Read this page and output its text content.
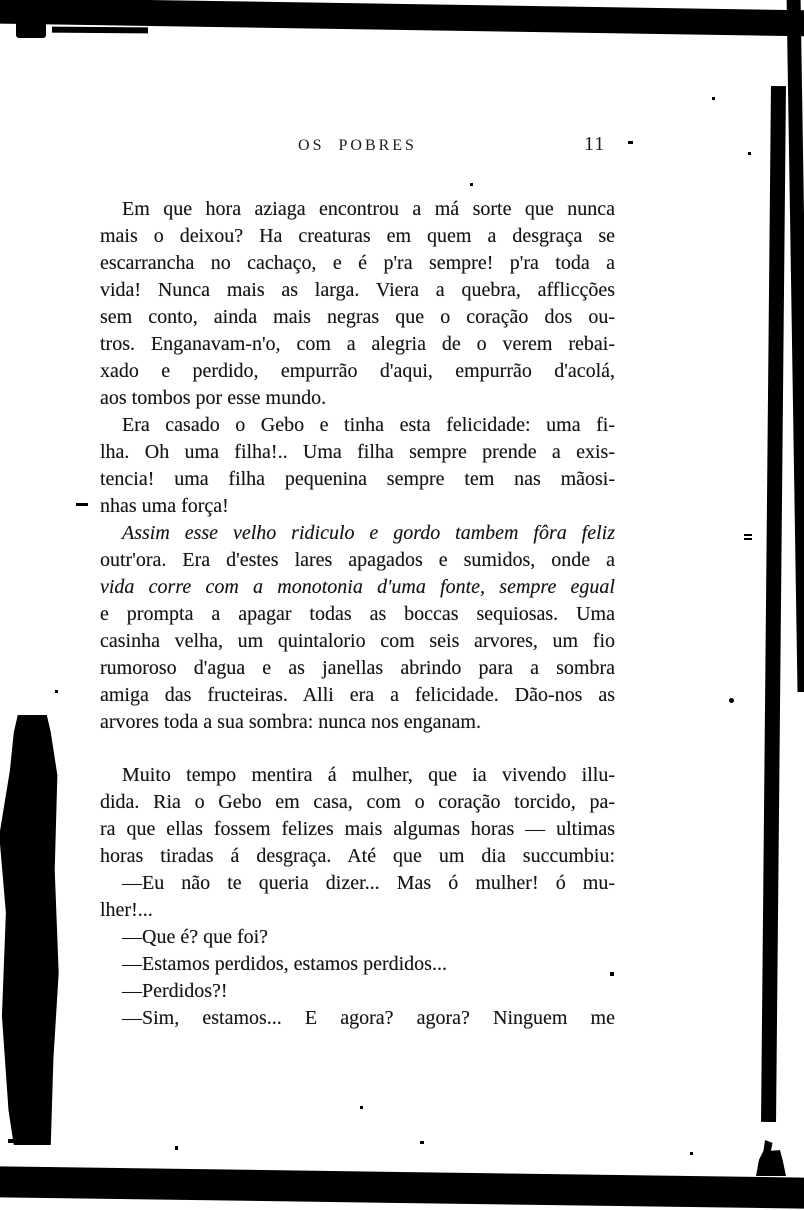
OS POBRES	11
Em que hora aziaga encontrou a má sorte que nunca
mais o deixou? Ha creaturas em quem a desgraça se
escarrancha no cachaço, e é p'ra sempre! p'ra toda a
vida! Nunca mais as larga. Viera a quebra, afflicções
sem conto, ainda mais negras que o coração dos ou-
tros. Enganavam-n'o, com a alegria de o verem rebai-
xado e perdido, empurrão d'aqui, empurrão d'acolá,
aos tombos por esse mundo.
Era casado o Gebo e tinha esta felicidade: uma fi-
lha. Oh uma filha!.. Uma filha sempre prende a exis-
tencia! uma filha pequenina sempre tem nas mãosi-
nhas uma força!
Assim esse velho ridiculo e gordo tambem fôra feliz
outr'ora. Era d'estes lares apagados e sumidos, onde a
vida corre com a monotonia d'uma fonte, sempre egual
e prompta a apagar todas as boccas sequiosas. Uma
casinha velha, um quintalorio com seis arvores, um fio
rumoroso d'agua e as janellas abrindo para a sombra
amiga das fructeiras. Alli era a felicidade. Dão-nos as
arvores toda a sua sombra: nunca nos enganam.
Muito tempo mentira á mulher, que ia vivendo illu-
dida. Ria o Gebo em casa, com o coração torcido, pa-
ra que ellas fossem felizes mais algumas horas — ultimas
horas tiradas á desgraça. Até que um dia succumbiu:
—Eu não te queria dizer... Mas ó mulher! ó mu-
lher!...
—Que é? que foi?
—Estamos perdidos, estamos perdidos...
—Perdidos?!
—Sim, estamos... E agora? agora? Ninguem me
